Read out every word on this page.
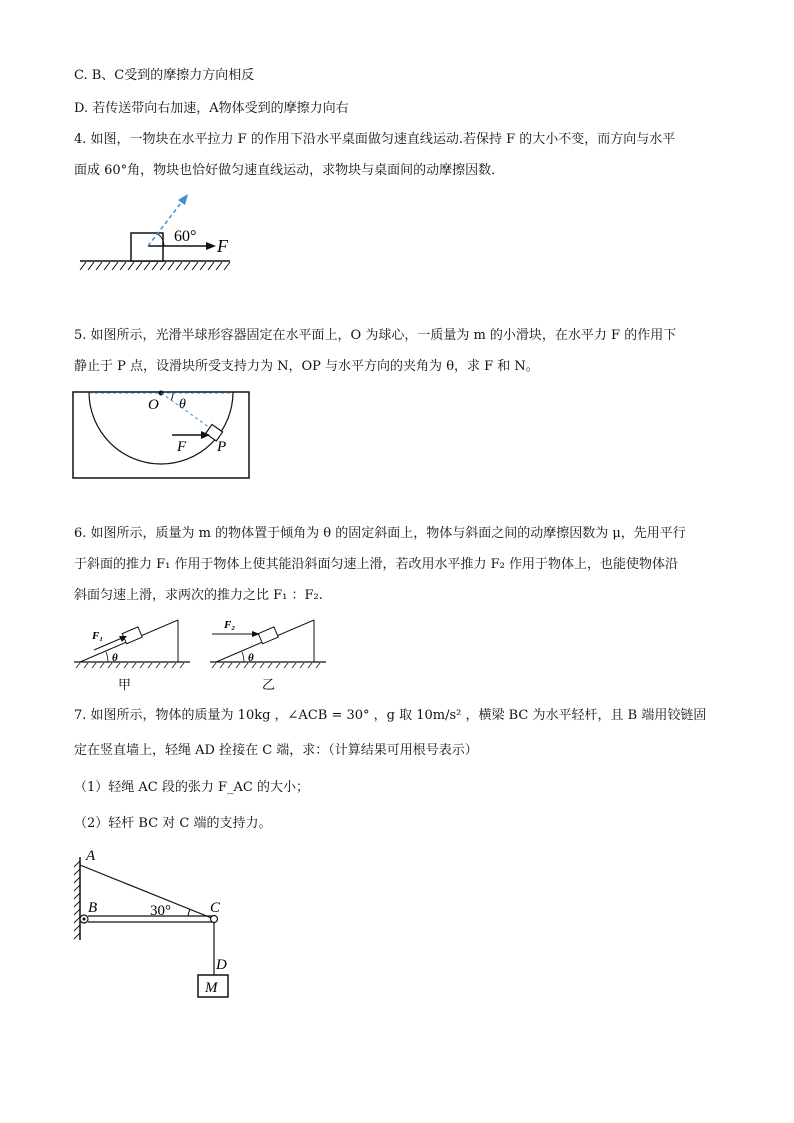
C. B、C受到的摩擦力方向相反
D. 若传送带向右加速，A物体受到的摩擦力向右
4. 如图，一物块在水平拉力 F 的作用下沿水平桌面做匀速直线运动.若保持 F 的大小不变，而方向与水平
面成 60°角，物块也恰好做匀速直线运动，求物块与桌面间的动摩擦因数．
60° F
5. 如图所示，光滑半球形容器固定在水平面上，O 为球心，一质量为 m 的小滑块，在水平力 F 的作用下
静止于 P 点，设滑块所受支持力为 N，OP 与水平方向的夹角为 θ，求 F 和 N。
O θ
F P
6. 如图所示，质量为 m 的物体置于倾角为 θ 的固定斜面上，物体与斜面之间的动摩擦因数为 μ，先用平行
于斜面的推力 F₁ 作用于物体上使其能沿斜面匀速上滑，若改用水平推力 F₂ 作用于物体上，也能使物体沿
斜面匀速上滑，求两次的推力之比 F₁ ：F₂.
F₁
θ
甲
F₂
θ
乙
7. 如图所示，物体的质量为 10kg ，∠ACB = 30° ，g 取 10m/s² ，横梁 BC 为水平轻杆，且 B 端用铰链固
定在竖直墙上，轻绳 AD 拴接在 C 端，求：（计算结果可用根号表示）
（1）轻绳 AC 段的张力 F_AC 的大小；
（2）轻杆 BC 对 C 端的支持力。
A
B	C
D
M
30°
